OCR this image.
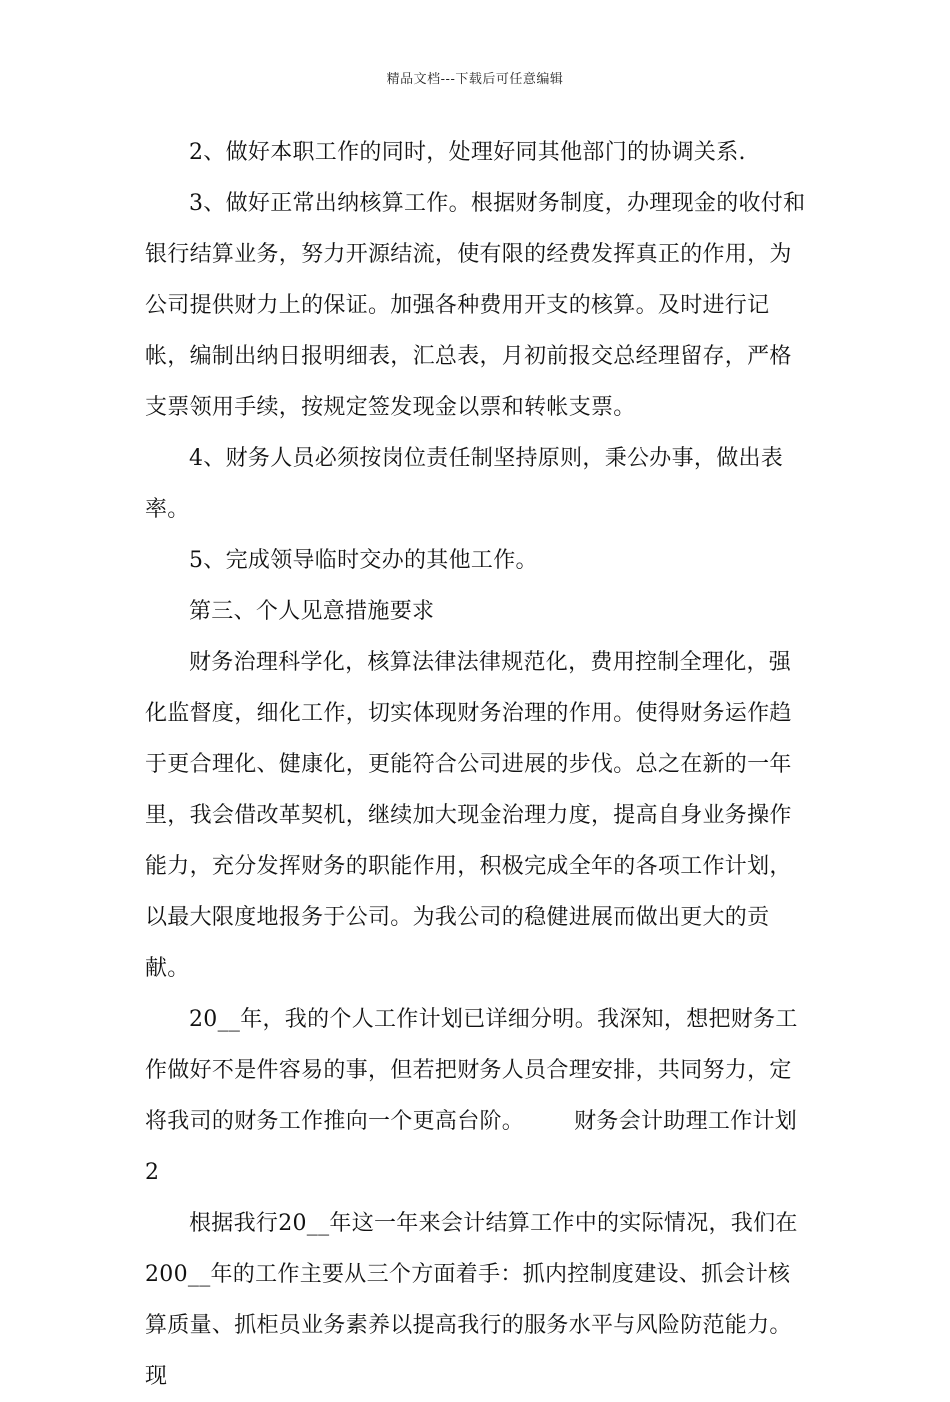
精品文档---下载后可任意编辑

2、做好本职工作的同时，处理好同其他部门的协调关系.

3、做好正常出纳核算工作。根据财务制度，办理现金的收付和银行结算业务，努力开源结流，使有限的经费发挥真正的作用，为公司提供财力上的保证。加强各种费用开支的核算。及时进行记帐，编制出纳日报明细表，汇总表，月初前报交总经理留存，严格支票领用手续，按规定签发现金以票和转帐支票。

4、财务人员必须按岗位责任制坚持原则，秉公办事，做出表率。

5、完成领导临时交办的其他工作。

第三、个人见意措施要求

财务治理科学化，核算法律法律规范化，费用控制全理化，强化监督度，细化工作，切实体现财务治理的作用。使得财务运作趋于更合理化、健康化，更能符合公司进展的步伐。总之在新的一年里，我会借改革契机，继续加大现金治理力度，提高自身业务操作能力，充分发挥财务的职能作用，积极完成全年的各项工作计划，以最大限度地报务于公司。为我公司的稳健进展而做出更大的贡献。

20__年，我的个人工作计划已详细分明。我深知，想把财务工作做好不是件容易的事，但若把财务人员合理安排，共同努力，定将我司的财务工作推向一个更高台阶。 财务会计助理工作计划2

根据我行20__年这一年来会计结算工作中的实际情况，我们在200__年的工作主要从三个方面着手：抓内控制度建设、抓会计核算质量、抓柜员业务素养以提高我行的服务水平与风险防范能力。现
